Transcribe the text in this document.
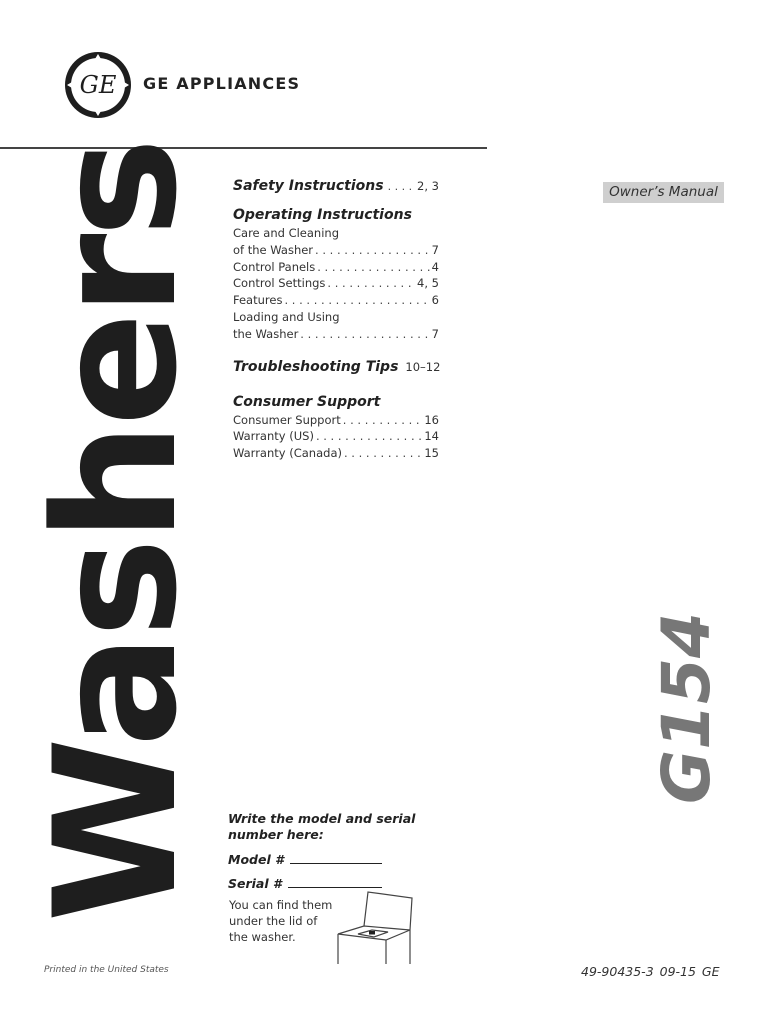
GE GE APPLIANCES
Washers	G154
Owner’s Manual
Safety Instructions . . .	2, 3
Operating Instructions
Care and Cleaning
of the Washer . . .	7
Control Panels . . .	4
Control Settings . . .	4, 5
Features . . .	6
Loading and Using
the Washer . . .	7
Troubleshooting Tips 10–12
Consumer Support
Consumer Support . . .	16
Warranty (US) . . .	14
Warranty (Canada) . . .	15
Write the model and serial number here:
Model #
Serial #
You can find them under the lid of the washer.
Printed in the United States	49-90435-3 09-15 GE
